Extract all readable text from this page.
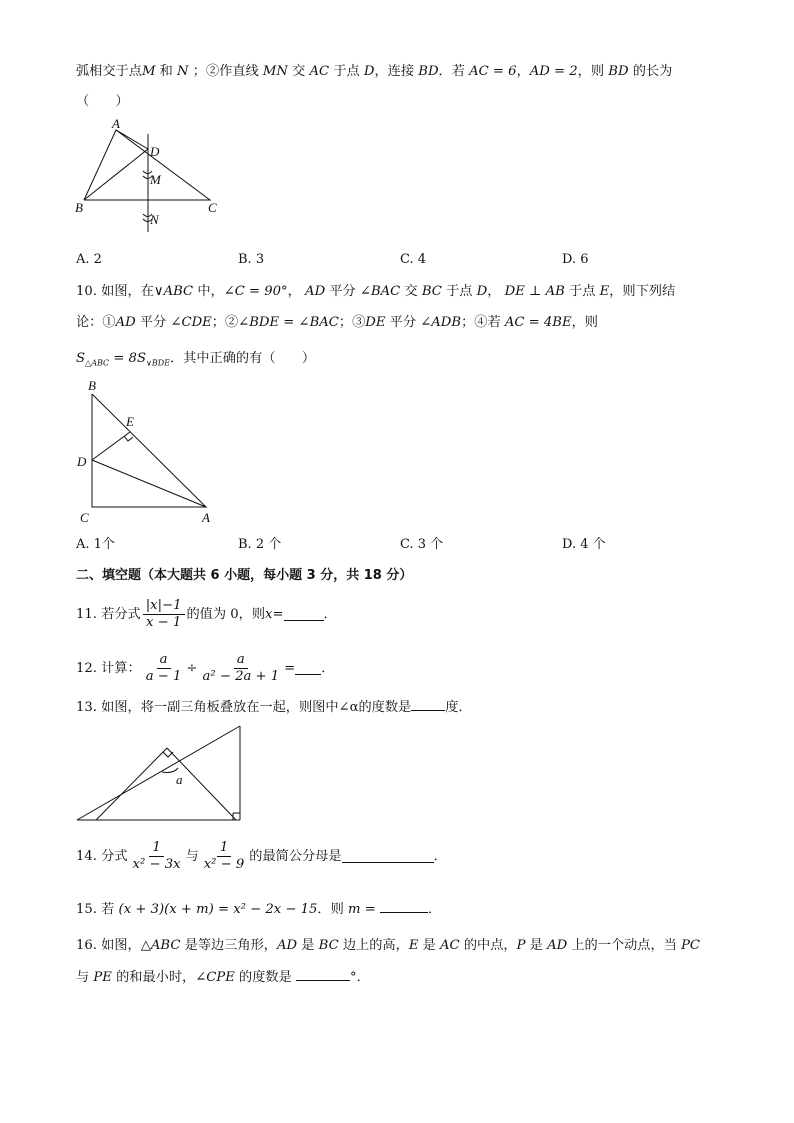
弧相交于点M 和 N ；②作直线 MN 交 AC 于点 D，连接 BD．若 AC = 6，AD = 2，则 BD 的长为
（　　）
A
B	C
D
M
N
A. 2	B. 3	C. 4	D. 6
10. 如图，在∨ABC 中，∠C = 90°， AD 平分 ∠BAC 交 BC 于点 D， DE ⊥ AB 于点 E，则下列结
论：①AD 平分 ∠CDE；②∠BDE = ∠BAC；③DE 平分 ∠ADB；④若 AC = 4BE，则
$S_{\triangle ABC} = 8S_{\vee BDE}$．其中正确的有（　　）
B
E
D
C	A
A. 1个	B. 2 个	C. 3 个	D. 4 个
二、填空题（本大题共 6 小题，每小题 3 分，共 18 分）
11. 若分式 $\frac{|x|-1}{x - 1}$ 的值为 0，则 x =	．
12. 计算： $\frac{a}{a - 1} \div \frac{a}{\text{a² − 2a + 1}}$ = ．
13. 如图，将一副三角板叠放在一起，则图中∠α的度数是	度．
a
14. 分式 $\frac{1}{\text{x² − 3x}}$ 与 $\frac{1}{\text{x² − 9}}$ 的最简公分母是	．
15. 若 (x + 3)(x + m) = x² − 2x − 15．则 m =	．
16. 如图，△ABC 是等边三角形，AD 是 BC 边上的高，E 是 AC 的中点，P 是 AD 上的一个动点，当 PC
与 PE 的和最小时，∠CPE 的度数是	°．
